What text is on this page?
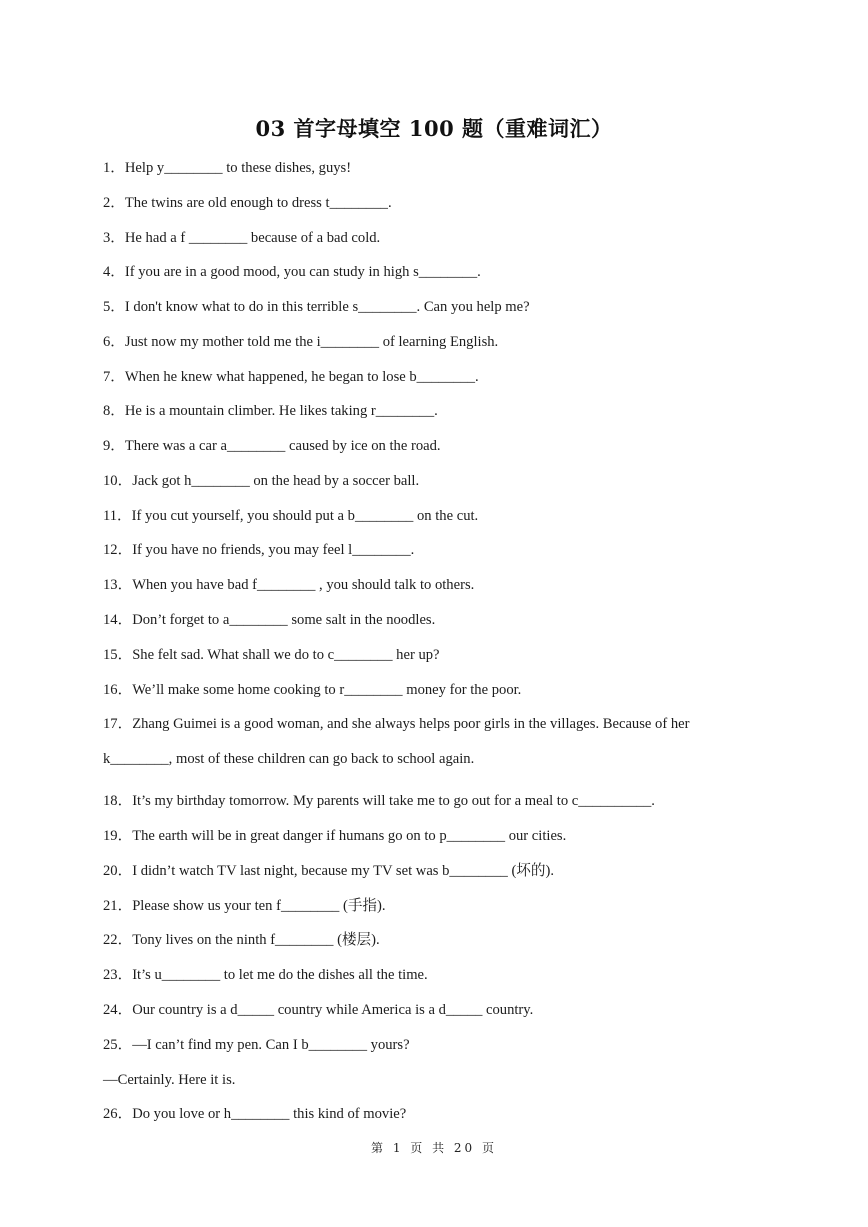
03 首字母填空 100 题（重难词汇）
1．Help y________ to these dishes, guys!
2．The twins are old enough to dress t________.
3．He had a f ________ because of a bad cold.
4．If you are in a good mood, you can study in high s________.
5．I don't know what to do in this terrible s________. Can you help me?
6．Just now my mother told me the i________ of learning English.
7．When he knew what happened, he began to lose b________.
8．He is a mountain climber. He likes taking r________.
9．There was a car a________ caused by ice on the road.
10．Jack got h________ on the head by a soccer ball.
11．If you cut yourself, you should put a b________ on the cut.
12．If you have no friends, you may feel l________.
13．When you have bad f________ , you should talk to others.
14．Don’t forget to a________ some salt in the noodles.
15．She felt sad. What shall we do to c________ her up?
16．We’ll make some home cooking to r________ money for the poor.
17．Zhang Guimei is a good woman, and she always helps poor girls in the villages. Because of her
k________, most of these children can go back to school again.
18．It’s my birthday tomorrow. My parents will take me to go out for a meal to c__________.
19．The earth will be in great danger if humans go on to p________ our cities.
20．I didn’t watch TV last night, because my TV set was b________ (坏的).
21．Please show us your ten f________ (手指).
22．Tony lives on the ninth f________ (楼层).
23．It’s u________ to let me do the dishes all the time.
24．Our country is a d_____ country while America is a d_____ country.
25．—I can’t find my pen. Can I b________ yours?
—Certainly. Here it is.
26．Do you love or h________ this kind of movie?
第 1 页 共 20 页
